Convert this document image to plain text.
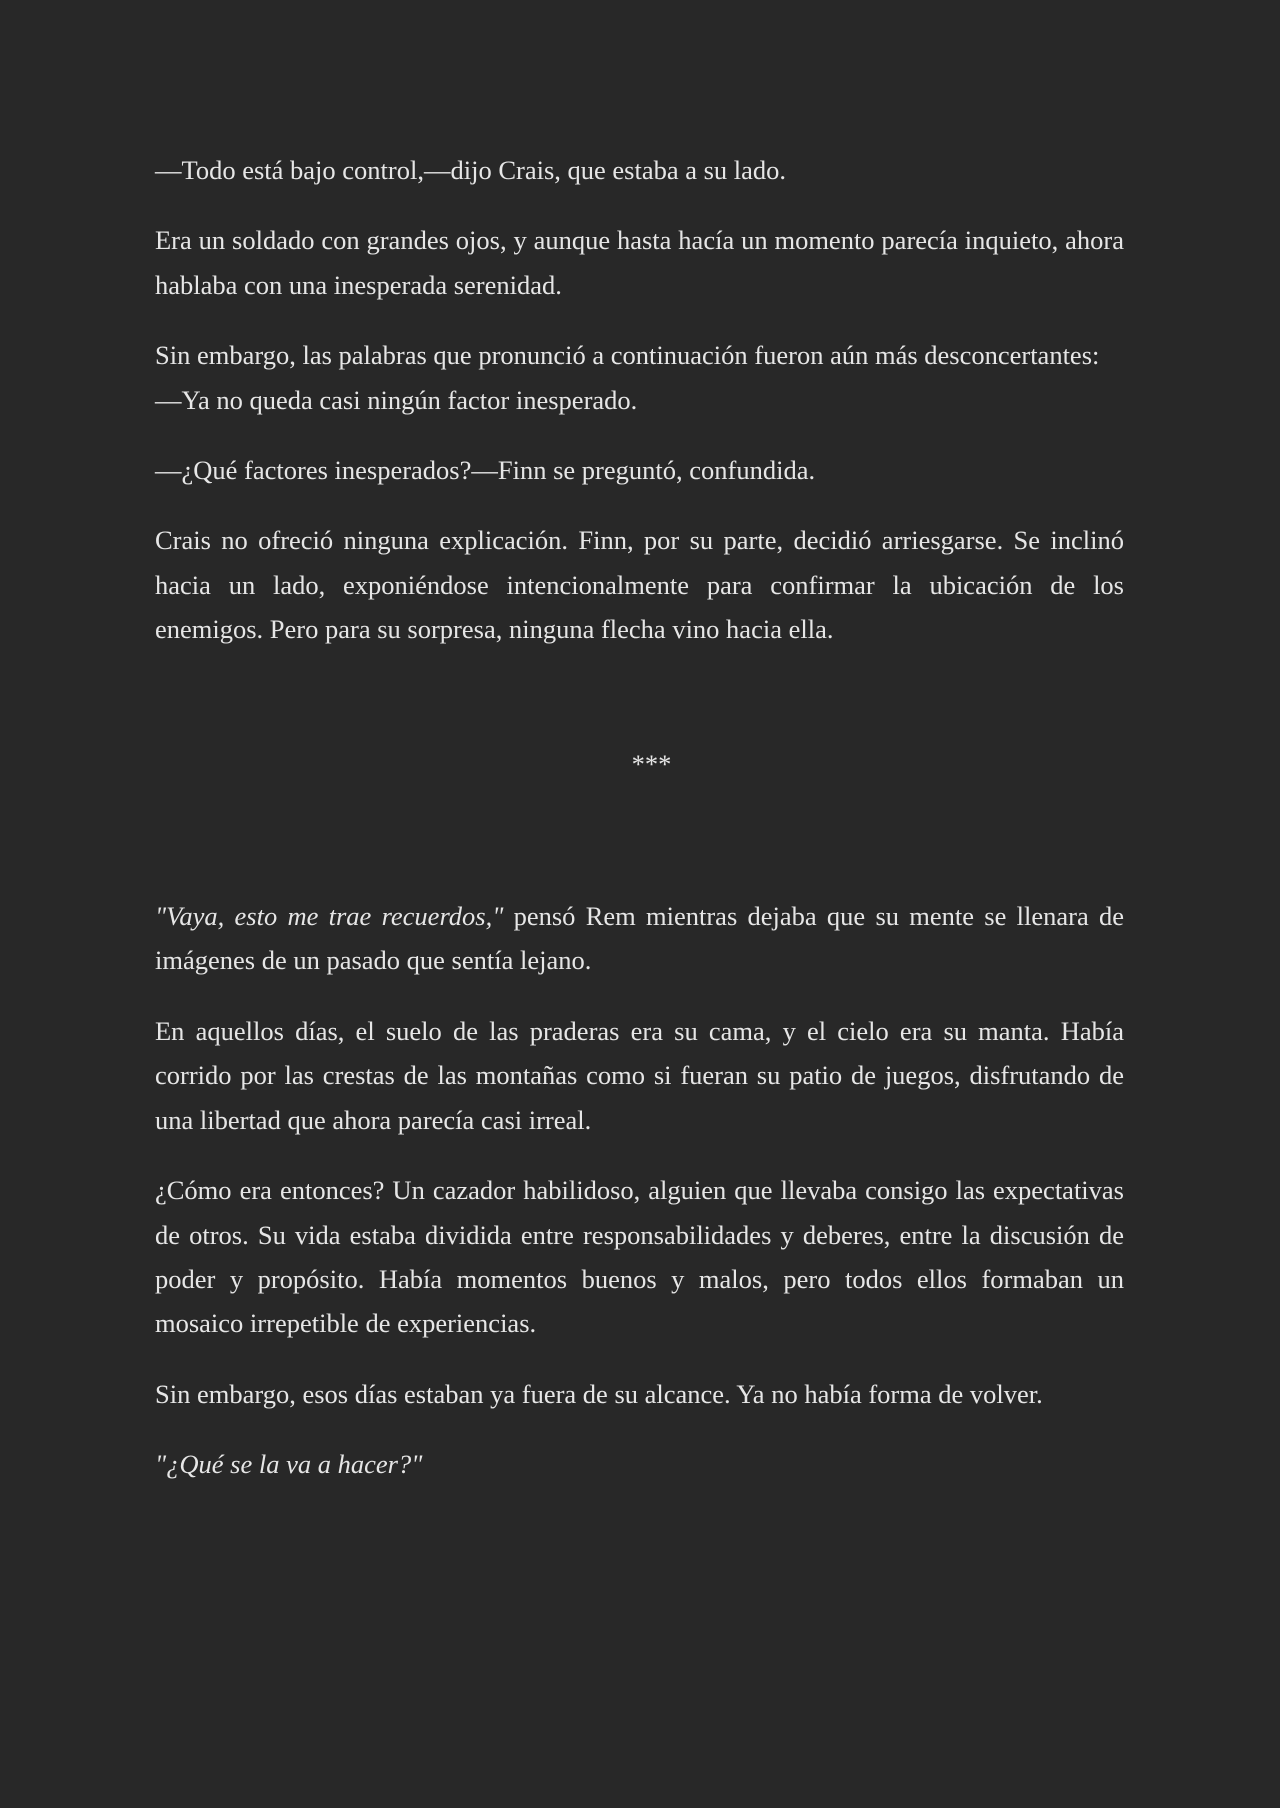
—Todo está bajo control,—dijo Crais, que estaba a su lado.

Era un soldado con grandes ojos, y aunque hasta hacía un momento parecía inquieto, ahora hablaba con una inesperada serenidad.

Sin embargo, las palabras que pronunció a continuación fueron aún más desconcertantes:
—Ya no queda casi ningún factor inesperado.

—¿Qué factores inesperados?—Finn se preguntó, confundida.

Crais no ofreció ninguna explicación. Finn, por su parte, decidió arriesgarse. Se inclinó hacia un lado, exponiéndose intencionalmente para confirmar la ubicación de los enemigos. Pero para su sorpresa, ninguna flecha vino hacia ella.

***

"Vaya, esto me trae recuerdos," pensó Rem mientras dejaba que su mente se llenara de imágenes de un pasado que sentía lejano.

En aquellos días, el suelo de las praderas era su cama, y el cielo era su manta. Había corrido por las crestas de las montañas como si fueran su patio de juegos, disfrutando de una libertad que ahora parecía casi irreal.

¿Cómo era entonces? Un cazador habilidoso, alguien que llevaba consigo las expectativas de otros. Su vida estaba dividida entre responsabilidades y deberes, entre la discusión de poder y propósito. Había momentos buenos y malos, pero todos ellos formaban un mosaico irrepetible de experiencias.

Sin embargo, esos días estaban ya fuera de su alcance. Ya no había forma de volver.

"¿Qué se la va a hacer?"
